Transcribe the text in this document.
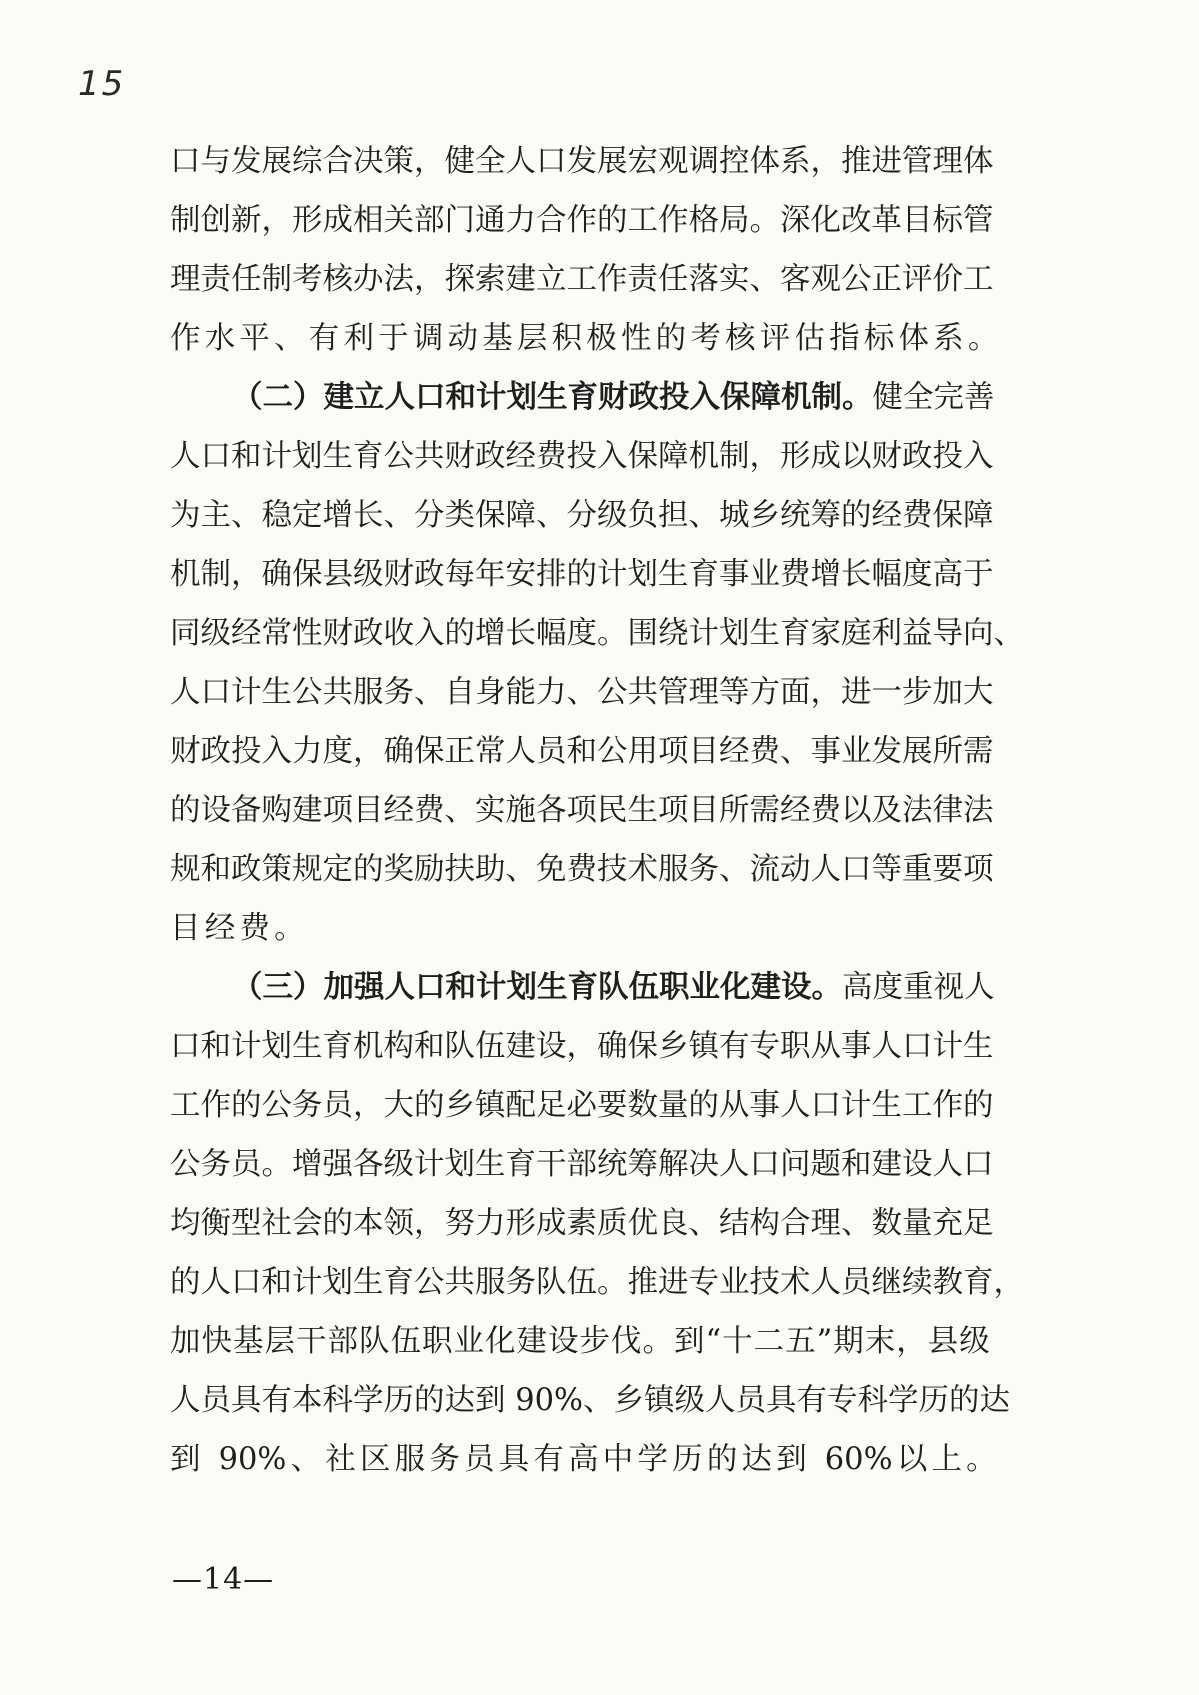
15
口 与 发 展 综 合 决 策 ， 健 全 人 口 发 展 宏 观 调 控 体 系 ， 推 进 管 理 体
制 创 新 ， 形 成 相 关 部 门 通 力 合 作 的 工 作 格 局 。 深 化 改 革 目 标 管
理 责 任 制 考 核 办 法 ， 探 索 建 立 工 作 责 任 落 实 、 客 观 公 正 评 价 工
作 水 平 、 有 利 于 调 动 基 层 积 极 性 的 考 核 评 估 指 标 体 系 。
（ 二 ） 建 立 人 口 和 计 划 生 育 财 政 投 入 保 障 机 制 。 健 全 完 善
人 口 和 计 划 生 育 公 共 财 政 经 费 投 入 保 障 机 制 ， 形 成 以 财 政 投 入
为 主 、 稳 定 增 长 、 分 类 保 障 、 分 级 负 担 、 城 乡 统 筹 的 经 费 保 障
机 制 ， 确 保 县 级 财 政 每 年 安 排 的 计 划 生 育 事 业 费 增 长 幅 度 高 于
同 级 经 常 性 财 政 收 入 的 增 长 幅 度 。 围 绕 计 划 生 育 家 庭 利 益 导 向 、
人 口 计 生 公 共 服 务 、 自 身 能 力 、 公 共 管 理 等 方 面 ， 进 一 步 加 大
财 政 投 入 力 度 ， 确 保 正 常 人 员 和 公 用 项 目 经 费 、 事 业 发 展 所 需
的 设 备 购 建 项 目 经 费 、 实 施 各 项 民 生 项 目 所 需 经 费 以 及 法 律 法
规 和 政 策 规 定 的 奖 励 扶 助 、 免 费 技 术 服 务 、 流 动 人 口 等 重 要 项
目 经 费 。
（ 三 ） 加 强 人 口 和 计 划 生 育 队 伍 职 业 化 建 设 。 高 度 重 视 人
口 和 计 划 生 育 机 构 和 队 伍 建 设 ， 确 保 乡 镇 有 专 职 从 事 人 口 计 生
工 作 的 公 务 员 ， 大 的 乡 镇 配 足 必 要 数 量 的 从 事 人 口 计 生 工 作 的
公 务 员 。 增 强 各 级 计 划 生 育 干 部 统 筹 解 决 人 口 问 题 和 建 设 人 口
均 衡 型 社 会 的 本 领 ， 努 力 形 成 素 质 优 良 、 结 构 合 理 、 数 量 充 足
的 人 口 和 计 划 生 育 公 共 服 务 队 伍 。 推 进 专 业 技 术 人 员 继 续 教 育 ，
加 快 基 层 干 部 队 伍 职 业 化 建 设 步 伐 。 到 “ 十 二 五 ” 期 末 ， 县 级
人 员 具 有 本 科 学 历 的 达 到
90% 、 乡 镇 级 人 员 具 有 专 科 学 历 的 达
到
90% 、 社 区 服 务 员 具 有 高 中 学 历 的 达 到
60% 以 上 。
—14—
